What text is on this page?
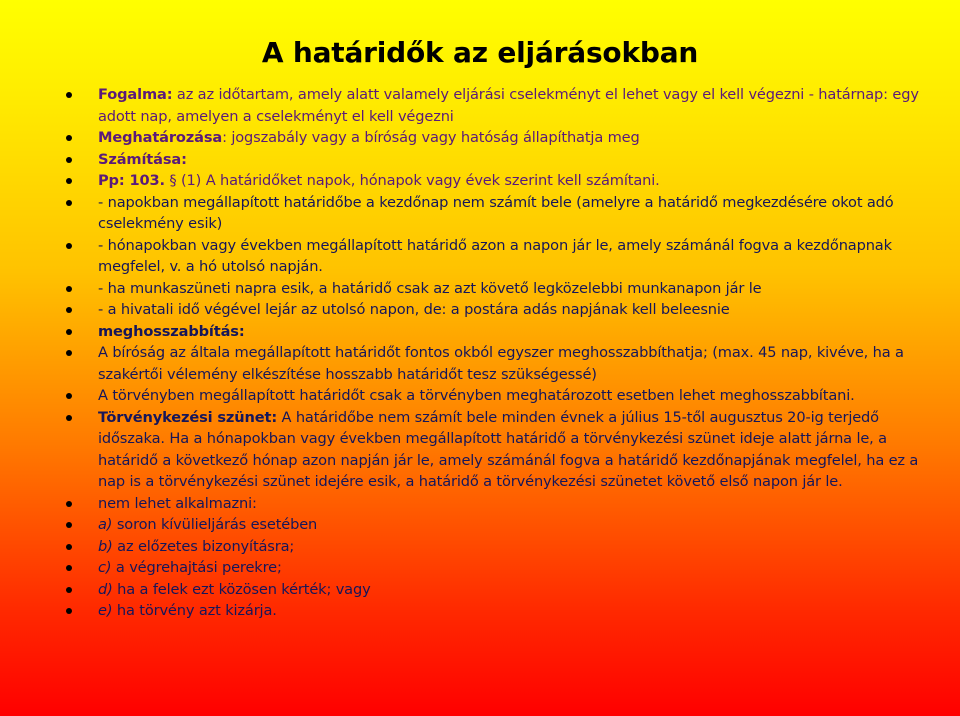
A határidők az eljárásokban
Fogalma: az az időtartam, amely alatt valamely eljárási cselekményt el lehet vagy el kell végezni - határnap: egy adott nap, amelyen a cselekményt el kell végezni
Meghatározása: jogszabály vagy a bíróság vagy hatóság állapíthatja meg
Számítása:
Pp: 103. § (1) A határidőket napok, hónapok vagy évek szerint kell számítani.
- napokban megállapított határidőbe a kezdőnap nem számít bele (amelyre a határidő megkezdésére okot adó cselekmény esik)
- hónapokban vagy években megállapított határidő azon a napon jár le, amely számánál fogva a kezdőnapnak megfelel, v. a hó utolsó napján.
- ha munkaszüneti napra esik, a határidő csak az azt követő legközelebbi munkanapon jár le
- a hivatali idő végével lejár az utolsó napon, de: a postára adás napjának kell beleesnie
meghosszabbítás:
A bíróság az általa megállapított határidőt fontos okból egyszer meghosszabbíthatja; (max. 45 nap, kivéve, ha a szakértői vélemény elkészítése hosszabb határidőt tesz szükségessé)
A törvényben megállapított határidőt csak a törvényben meghatározott esetben lehet meghosszabbítani.
Törvénykezési szünet: A határidőbe nem számít bele minden évnek a július 15-től augusztus 20-ig terjedő időszaka. Ha a hónapokban vagy években megállapított határidő a törvénykezési szünet ideje alatt járna le, a határidő a következő hónap azon napján jár le, amely számánál fogva a határidő kezdőnapjának megfelel, ha ez a nap is a törvénykezési szünet idejére esik, a határidő a törvénykezési szünetet követő első napon jár le.
nem lehet alkalmazni:
a) soron kívülieljárás esetében
b) az előzetes bizonyításra;
c) a végrehajtási perekre;
d) ha a felek ezt közösen kérték; vagy
e) ha törvény azt kizárja.
